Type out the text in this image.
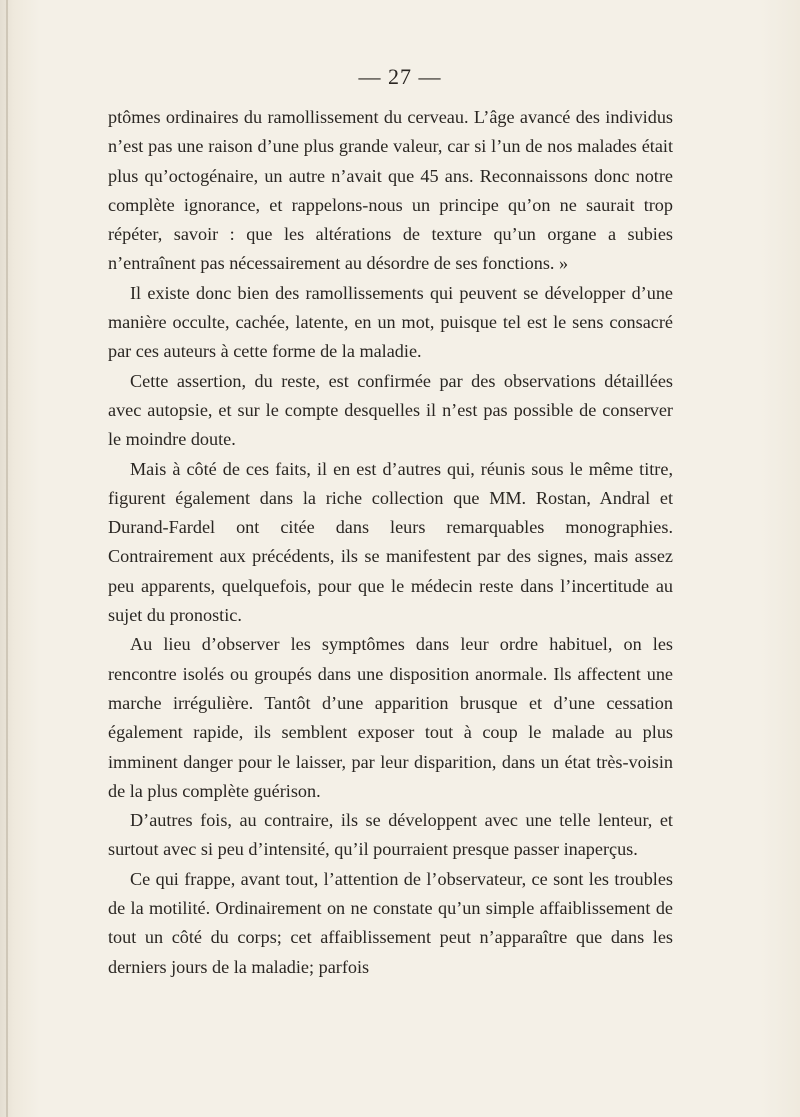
— 27 —

ptômes ordinaires du ramollissement du cerveau. L’âge avancé des individus n’est pas une raison d’une plus grande valeur, car si l’un de nos malades était plus qu’octogénaire, un autre n’avait que 45 ans. Reconnaissons donc notre complète ignorance, et rappelons-nous un principe qu’on ne saurait trop répéter, savoir : que les altérations de texture qu’un organe a subies n’entraînent pas nécessairement au désordre de ses fonctions. »

Il existe donc bien des ramollissements qui peuvent se développer d’une manière occulte, cachée, latente, en un mot, puisque tel est le sens consacré par ces auteurs à cette forme de la maladie.

Cette assertion, du reste, est confirmée par des observations détaillées avec autopsie, et sur le compte desquelles il n’est pas possible de conserver le moindre doute.

Mais à côté de ces faits, il en est d’autres qui, réunis sous le même titre, figurent également dans la riche collection que MM. Rostan, Andral et Durand-Fardel ont citée dans leurs remarquables monographies. Contrairement aux précédents, ils se manifestent par des signes, mais assez peu apparents, quelquefois, pour que le médecin reste dans l’incertitude au sujet du pronostic.

Au lieu d’observer les symptômes dans leur ordre habituel, on les rencontre isolés ou groupés dans une disposition anormale. Ils affectent une marche irrégulière. Tantôt d’une apparition brusque et d’une cessation également rapide, ils semblent exposer tout à coup le malade au plus imminent danger pour le laisser, par leur disparition, dans un état très-voisin de la plus complète guérison.

D’autres fois, au contraire, ils se développent avec une telle lenteur, et surtout avec si peu d’intensité, qu’il pourraient presque passer inaperçus.

Ce qui frappe, avant tout, l’attention de l’observateur, ce sont les troubles de la motilité. Ordinairement on ne constate qu’un simple affaiblissement de tout un côté du corps; cet affaiblissement peut n’apparaître que dans les derniers jours de la maladie; parfois
